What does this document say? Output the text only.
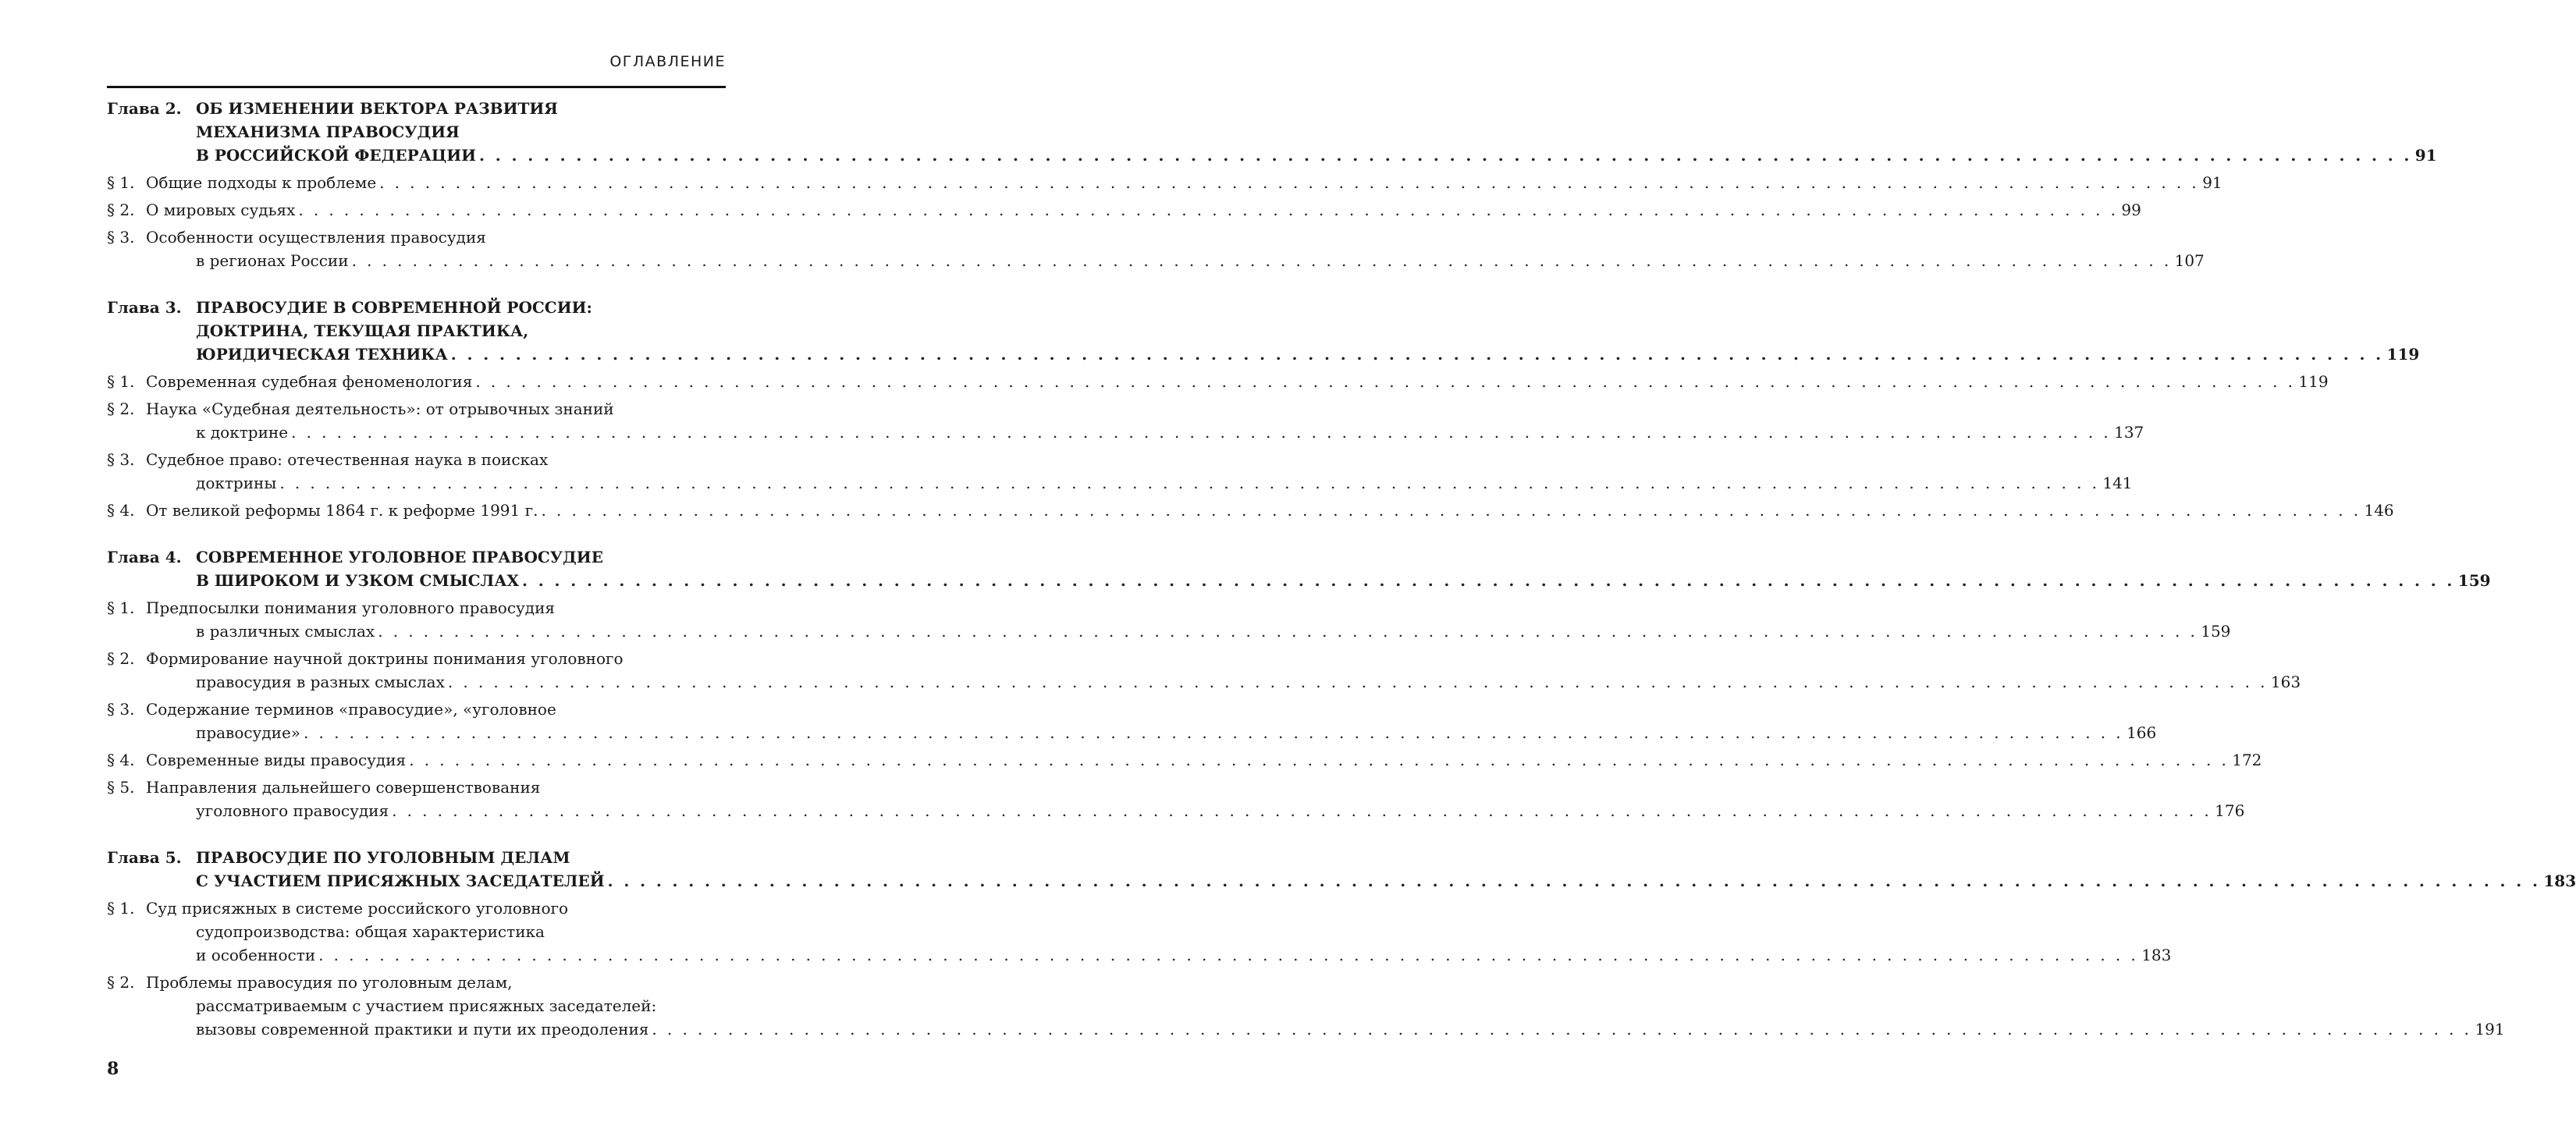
ОГЛАВЛЕНИЕ
Глава 2. ОБ ИЗМЕНЕНИИ ВЕКТОРА РАЗВИТИЯ
МЕХАНИЗМА ПРАВОСУДИЯ
В РОССИЙСКОЙ ФЕДЕРАЦИИ . . . . . . . . . . . . . . . . . . . . . . . . . . . . . . . . . . . . . . . . . . . . . . . . . . . . . . . . . . . . . . . . . . . . . . . . . . . . . . . . . . . . . . . . . . . . . . . . . . . . . . . . . . . . . . . . . . . . . . . . 91
§ 1. Общие подходы к проблеме . . . . . . . . . . . . . . . . . . . . . . . . . . . . . . . . . . . . . . . . . . . . . . . . . . . . . . . . . . . . . . . . . . . . . . . . . . . . . . . . . . . . . . . . . . . . . . . . . . . . . . . . . . . . . . . . . . . . . . . . 91
§ 2. О мировых судьях . . . . . . . . . . . . . . . . . . . . . . . . . . . . . . . . . . . . . . . . . . . . . . . . . . . . . . . . . . . . . . . . . . . . . . . . . . . . . . . . . . . . . . . . . . . . . . . . . . . . . . . . . . . . . . . . . . . . . . . . 99
§ 3. Особенности осуществления правосудия
в регионах России . . . . . . . . . . . . . . . . . . . . . . . . . . . . . . . . . . . . . . . . . . . . . . . . . . . . . . . . . . . . . . . . . . . . . . . . . . . . . . . . . . . . . . . . . . . . . . . . . . . . . . . . . . . . . . . . . . . . . . . . 107
Глава 3. ПРАВОСУДИЕ В СОВРЕМЕННОЙ РОССИИ:
ДОКТРИНА, ТЕКУЩАЯ ПРАКТИКА,
ЮРИДИЧЕСКАЯ ТЕХНИКА . . . . . . . . . . . . . . . . . . . . . . . . . . . . . . . . . . . . . . . . . . . . . . . . . . . . . . . . . . . . . . . . . . . . . . . . . . . . . . . . . . . . . . . . . . . . . . . . . . . . . . . . . . . . . . . . . . . . . . . . 119
§ 1. Современная судебная феноменология . . . . . . . . . . . . . . . . . . . . . . . . . . . . . . . . . . . . . . . . . . . . . . . . . . . . . . . . . . . . . . . . . . . . . . . . . . . . . . . . . . . . . . . . . . . . . . . . . . . . . . . . . . . . . . . . . . . . . . . . 119
§ 2. Наука «Судебная деятельность»: от отрывочных знаний
к доктрине . . . . . . . . . . . . . . . . . . . . . . . . . . . . . . . . . . . . . . . . . . . . . . . . . . . . . . . . . . . . . . . . . . . . . . . . . . . . . . . . . . . . . . . . . . . . . . . . . . . . . . . . . . . . . . . . . . . . . . . . 137
§ 3. Судебное право: отечественная наука в поисках
доктрины . . . . . . . . . . . . . . . . . . . . . . . . . . . . . . . . . . . . . . . . . . . . . . . . . . . . . . . . . . . . . . . . . . . . . . . . . . . . . . . . . . . . . . . . . . . . . . . . . . . . . . . . . . . . . . . . . . . . . . . . 141
§ 4. От великой реформы 1864 г. к реформе 1991 г. . . . . . . . . . . . . . . . . . . . . . . . . . . . . . . . . . . . . . . . . . . . . . . . . . . . . . . . . . . . . . . . . . . . . . . . . . . . . . . . . . . . . . . . . . . . . . . . . . . . . . . . . . . . . . . . . . . . . . . . . 146
Глава 4. СОВРЕМЕННОЕ УГОЛОВНОЕ ПРАВОСУДИЕ
В ШИРОКОМ И УЗКОМ СМЫСЛАХ . . . . . . . . . . . . . . . . . . . . . . . . . . . . . . . . . . . . . . . . . . . . . . . . . . . . . . . . . . . . . . . . . . . . . . . . . . . . . . . . . . . . . . . . . . . . . . . . . . . . . . . . . . . . . . . . . . . . . . . . 159
§ 1. Предпосылки понимания уголовного правосудия
в различных смыслах . . . . . . . . . . . . . . . . . . . . . . . . . . . . . . . . . . . . . . . . . . . . . . . . . . . . . . . . . . . . . . . . . . . . . . . . . . . . . . . . . . . . . . . . . . . . . . . . . . . . . . . . . . . . . . . . . . . . . . . . 159
§ 2. Формирование научной доктрины понимания уголовного
правосудия в разных смыслах . . . . . . . . . . . . . . . . . . . . . . . . . . . . . . . . . . . . . . . . . . . . . . . . . . . . . . . . . . . . . . . . . . . . . . . . . . . . . . . . . . . . . . . . . . . . . . . . . . . . . . . . . . . . . . . . . . . . . . . . 163
§ 3. Содержание терминов «правосудие», «уголовное
правосудие» . . . . . . . . . . . . . . . . . . . . . . . . . . . . . . . . . . . . . . . . . . . . . . . . . . . . . . . . . . . . . . . . . . . . . . . . . . . . . . . . . . . . . . . . . . . . . . . . . . . . . . . . . . . . . . . . . . . . . . . . 166
§ 4. Современные виды правосудия . . . . . . . . . . . . . . . . . . . . . . . . . . . . . . . . . . . . . . . . . . . . . . . . . . . . . . . . . . . . . . . . . . . . . . . . . . . . . . . . . . . . . . . . . . . . . . . . . . . . . . . . . . . . . . . . . . . . . . . . 172
§ 5. Направления дальнейшего совершенствования
уголовного правосудия . . . . . . . . . . . . . . . . . . . . . . . . . . . . . . . . . . . . . . . . . . . . . . . . . . . . . . . . . . . . . . . . . . . . . . . . . . . . . . . . . . . . . . . . . . . . . . . . . . . . . . . . . . . . . . . . . . . . . . . . 176
Глава 5. ПРАВОСУДИЕ ПО УГОЛОВНЫМ ДЕЛАМ
С УЧАСТИЕМ ПРИСЯЖНЫХ ЗАСЕДАТЕЛЕЙ . . . . . . . . . . . . . . . . . . . . . . . . . . . . . . . . . . . . . . . . . . . . . . . . . . . . . . . . . . . . . . . . . . . . . . . . . . . . . . . . . . . . . . . . . . . . . . . . . . . . . . . . . . . . . . . . . . . . . . . . 183
§ 1. Суд присяжных в системе российского уголовного
судопроизводства: общая характеристика
и особенности . . . . . . . . . . . . . . . . . . . . . . . . . . . . . . . . . . . . . . . . . . . . . . . . . . . . . . . . . . . . . . . . . . . . . . . . . . . . . . . . . . . . . . . . . . . . . . . . . . . . . . . . . . . . . . . . . . . . . . . . 183
§ 2. Проблемы правосудия по уголовным делам,
рассматриваемым с участием присяжных заседателей:
вызовы современной практики и пути их преодоления . . . . . . . . . . . . . . . . . . . . . . . . . . . . . . . . . . . . . . . . . . . . . . . . . . . . . . . . . . . . . . . . . . . . . . . . . . . . . . . . . . . . . . . . . . . . . . . . . . . . . . . . . . . . . . . . . . . . . . . . 191
8
